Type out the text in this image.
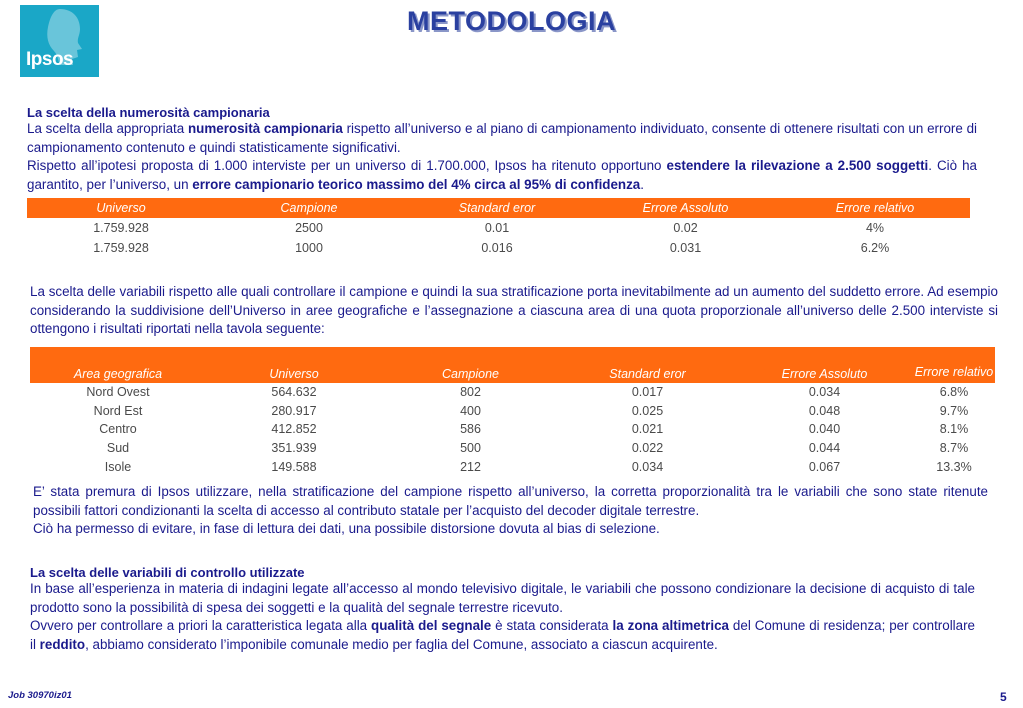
Ipsos
METODOLOGIA
La scelta della numerosità campionaria

La scelta della appropriata numerosità campionaria rispetto all’universo e al piano di campionamento individuato, consente di ottenere risultati con un errore di campionamento contenuto e quindi statisticamente significativi.

Rispetto all’ipotesi proposta di 1.000 interviste per un universo di 1.700.000, Ipsos ha ritenuto opportuno estendere la rilevazione a 2.500 soggetti. Ciò ha garantito, per l’universo, un errore campionario teorico massimo del 4% circa al 95% di confidenza.

Universo	Campione	Standard eror	Errore Assoluto	Errore relativo
1.759.928	2500	0.01	0.02	4%
1.759.928	1000	0.016	0.031	6.2%

La scelta delle variabili rispetto alle quali controllare il campione e quindi la sua stratificazione porta inevitabilmente ad un aumento del suddetto errore. Ad esempio considerando la suddivisione dell’Universo in aree geografiche e l’assegnazione a ciascuna area di una quota proporzionale all’universo delle 2.500 interviste si ottengono i risultati riportati nella tavola seguente:

Area geografica	Universo	Campione	Standard eror	Errore Assoluto	Errore relativo
Nord Ovest	564.632	802	0.017	0.034	6.8%
Nord Est	280.917	400	0.025	0.048	9.7%
Centro	412.852	586	0.021	0.040	8.1%
Sud	351.939	500	0.022	0.044	8.7%
Isole	149.588	212	0.034	0.067	13.3%

E’ stata premura di Ipsos utilizzare, nella stratificazione del campione rispetto all’universo, la corretta proporzionalità tra le variabili che sono state ritenute possibili fattori condizionanti la scelta di accesso al contributo statale per l’acquisto del decoder digitale terrestre.

Ciò ha permesso di evitare, in fase di lettura dei dati, una possibile distorsione dovuta al bias di selezione.

La scelta delle variabili di controllo utilizzate

In base all’esperienza in materia di indagini legate all’accesso al mondo televisivo digitale, le variabili che possono condizionare la decisione di acquisto di tale prodotto sono la possibilità di spesa dei soggetti e la qualità del segnale terrestre ricevuto.

Ovvero per controllare a priori la caratteristica legata alla qualità del segnale è stata considerata la zona altimetrica del Comune di residenza; per controllare il reddito, abbiamo considerato l’imponibile comunale medio per faglia del Comune, associato a ciascun acquirente.

Job 30970iz01	5
